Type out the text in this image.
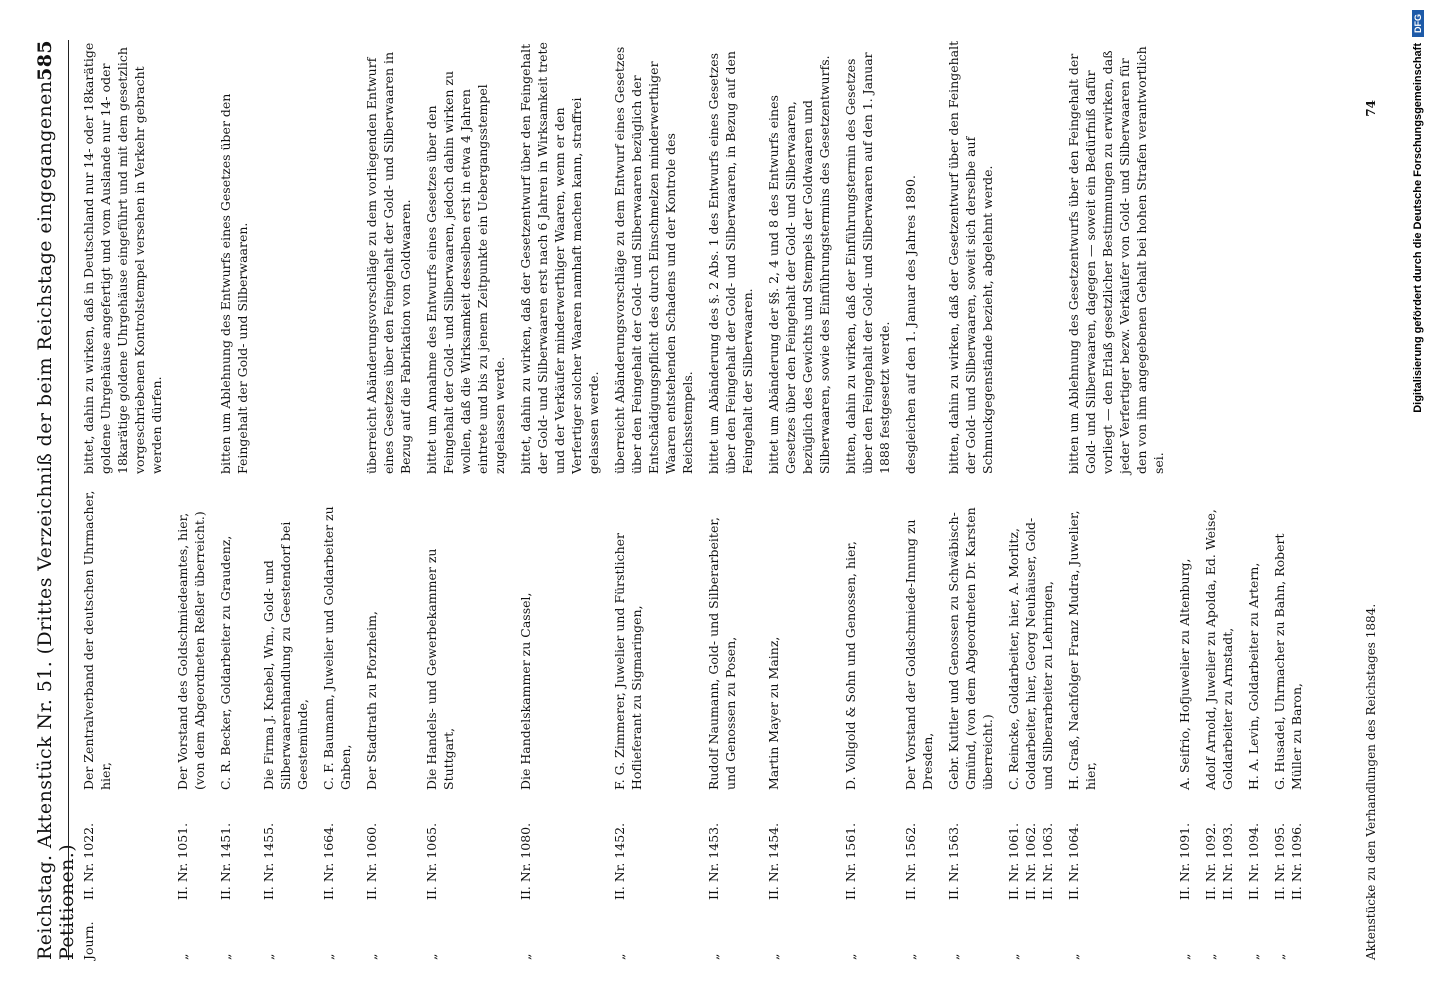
Reichstag. Aktenstück Nr. 51. (Drittes Verzeichniß der beim Reichstage eingegangenen Petitionen.)
585
Journ.
II. Nr. 1022.
Der Zentralverband der deutschen Uhrmacher, hier,
bittet, dahin zu wirken, daß in Deutschland nur 14- oder 18karätige goldene Uhrgehäuse angefertigt und vom Auslande nur 14- oder 18karätige goldene Uhrgehäuse eingeführt und mit dem gesetzlich vorgeschriebenen Kontrolstempel versehen in Verkehr gebracht werden dürfen.
„
II. Nr. 1051.
Der Vorstand des Goldschmiedeamtes, hier, (von dem Abgeordneten Reßler überreicht.)
„
II. Nr. 1451.
C. R. Becker, Goldarbeiter zu Graudenz,
bitten um Ablehnung des Entwurfs eines Gesetzes über den Feingehalt der Gold- und Silberwaaren.
„
II. Nr. 1455.
Die Firma J. Knebel, Wm., Gold- und Silberwaarenhandlung zu Geestendorf bei Geestemünde,
„
II. Nr. 1664.
C. F. Baumann, Juwelier und Goldarbeiter zu Gnben,
„
II. Nr. 1060.
Der Stadtrath zu Pforzheim,
überreicht Abänderungsvorschläge zu dem vorliegenden Entwurf eines Gesetzes über den Feingehalt der Gold- und Silberwaaren in Bezug auf die Fabrikation von Goldwaaren.
„
II. Nr. 1065.
Die Handels- und Gewerbekammer zu Stuttgart,
bittet um Annahme des Entwurfs eines Gesetzes über den Feingehalt der Gold- und Silberwaaren, jedoch dahin wirken zu wollen, daß die Wirksamkeit desselben erst in etwa 4 Jahren eintrete und bis zu jenem Zeitpunkte ein Uebergangsstempel zugelassen werde.
„
II. Nr. 1080.
Die Handelskammer zu Cassel,
bittet, dahin zu wirken, daß der Gesetzentwurf über den Feingehalt der Gold- und Silberwaaren erst nach 6 Jahren in Wirksamkeit trete und der Verkäufer minderwerthiger Waaren, wenn er den Verfertiger solcher Waaren namhaft machen kann, straffrei gelassen werde.
„
II. Nr. 1452.
F. G. Zimmerer, Juwelier und Fürstlicher Hoflieferant zu Sigmaringen,
überreicht Abänderungsvorschläge zu dem Entwurf eines Gesetzes über den Feingehalt der Gold- und Silberwaaren bezüglich der Entschädigungspflicht des durch Einschmelzen minderwerthiger Waaren entstehenden Schadens und der Kontrole des Reichsstempels.
„
II. Nr. 1453.
Rudolf Naumann, Gold- und Silberarbeiter, und Genossen zu Posen,
bittet um Abänderung des §. 2 Abs. 1 des Entwurfs eines Gesetzes über den Feingehalt der Gold- und Silberwaaren, in Bezug auf den Feingehalt der Silberwaaren.
„
II. Nr. 1454.
Martin Mayer zu Mainz,
bittet um Abänderung der §§. 2, 4 und 8 des Entwurfs eines Gesetzes über den Feingehalt der Gold- und Silberwaaren, bezüglich des Gewichts und Stempels der Goldwaaren und Silberwaaren, sowie des Einführungstermins des Gesetzentwurfs.
„
II. Nr. 1561.
D. Vollgold & Sohn und Genossen, hier,
bitten, dahin zu wirken, daß der Einführungstermin des Gesetzes über den Feingehalt der Gold- und Silberwaaren auf den 1. Januar 1888 festgesetzt werde.
„
II. Nr. 1562.
Der Vorstand der Goldschmiede-Innung zu Dresden,
desgleichen auf den 1. Januar des Jahres 1890.
„
II. Nr. 1563.
Gebr. Kuttler und Genossen zu Schwäbisch-Gmünd, (von dem Abgeordneten Dr. Karsten überreicht.)
bitten, dahin zu wirken, daß der Gesetzentwurf über den Feingehalt der Gold- und Silberwaaren, soweit sich derselbe auf Schmuckgegenstände bezieht, abgelehnt werde.
„
II. Nr. 1061.
II. Nr. 1062.
II. Nr. 1063.
C. Reincke, Goldarbeiter, hier, A. Morlitz, Goldarbeiter, hier, Georg Neuhäuser, Gold- und Silberarbeiter zu Lehringen,
„
II. Nr. 1064.
H. Graß, Nachfolger Franz Mudra, Juwelier, hier,
bitten um Ablehnung des Gesetzentwurfs über den Feingehalt der Gold- und Silberwaaren, dagegen — soweit ein Bedürfniß dafür vorliegt — den Erlaß gesetzlicher Bestimmungen zu erwirken, daß jeder Verfertiger bezw. Verkäufer von Gold- und Silberwaaren für den von ihm angegebenen Gehalt bei hohen Strafen verantwortlich sei.
„
II. Nr. 1091.
A. Seifrio, Hofjuwelier zu Altenburg,
„
II. Nr. 1092.
II. Nr. 1093.
Adolf Arnold, Juwelier zu Apolda, Ed. Weise, Goldarbeiter zu Arnstadt,
„
II. Nr. 1094.
H. A. Levin, Goldarbeiter zu Artern,
„
II. Nr. 1095.
II. Nr. 1096.
G. Husadel, Uhrmacher zu Bahn, Robert Müller zu Baron,	Aktenstücke zu den Verhandlungen des Reichstages 1884.
74	Digitalisierung gefördert durch die Deutsche Forschungsgemeinschaft
DFG
